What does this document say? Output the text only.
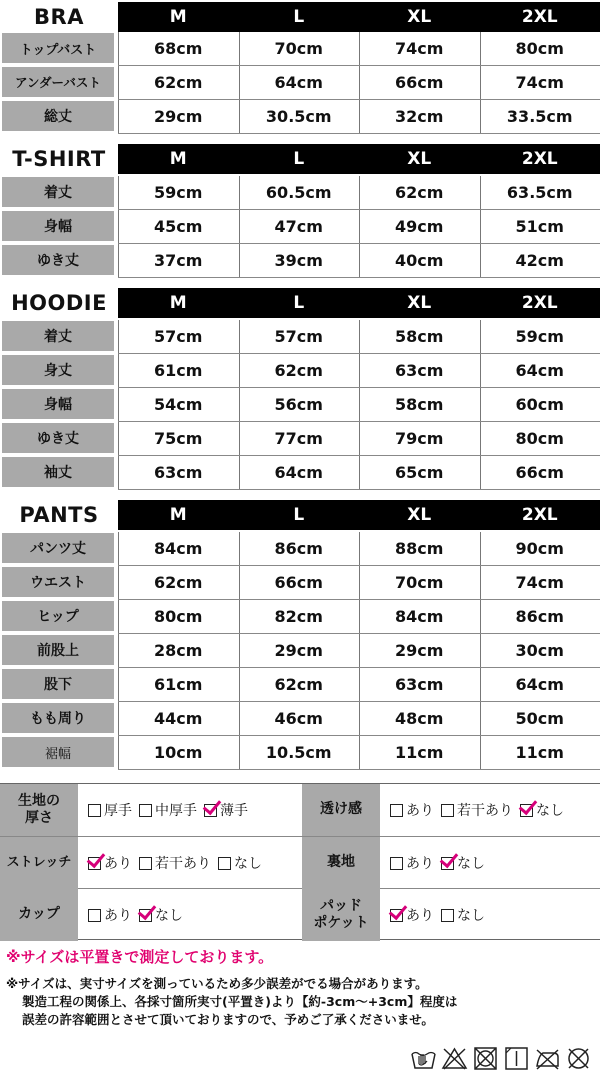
BRA	M	L	XL	2XL
トップバスト	68cm	70cm	74cm	80cm
アンダーバスト	62cm	64cm	66cm	74cm
総丈	29cm	30.5cm	32cm	33.5cm
T-SHIRT	M	L	XL	2XL
着丈	59cm	60.5cm	62cm	63.5cm
身幅	45cm	47cm	49cm	51cm
ゆき丈	37cm	39cm	40cm	42cm
HOODIE	M	L	XL	2XL
着丈	57cm	57cm	58cm	59cm
身丈	61cm	62cm	63cm	64cm
身幅	54cm	56cm	58cm	60cm
ゆき丈	75cm	77cm	79cm	80cm
袖丈	63cm	64cm	65cm	66cm
PANTS	M	L	XL	2XL
パンツ丈	84cm	86cm	88cm	90cm
ウエスト	62cm	66cm	70cm	74cm
ヒップ	80cm	82cm	84cm	86cm
前股上	28cm	29cm	29cm	30cm
股下	61cm	62cm	63cm	64cm
もも周り	44cm	46cm	48cm	50cm
裾幅	10cm	10.5cm	11cm	11cm
生地の
厚さ	厚手 中厚手 薄手	透け感	あり 若干あり なし
ストレッチ あり 若干あり なし	裏地	あり なし
カップ	あり なし
パッド
ポケット	あり なし
※サイズは平置きで測定しております。
※サイズは、実寸サイズを測っているため多少誤差がでる場合があります。
製造工程の関係上、各採寸箇所実寸(平置き)より【約-3cm〜+3cm】程度は
誤差の許容範囲とさせて頂いておりますので、予めご了承くださいませ。
